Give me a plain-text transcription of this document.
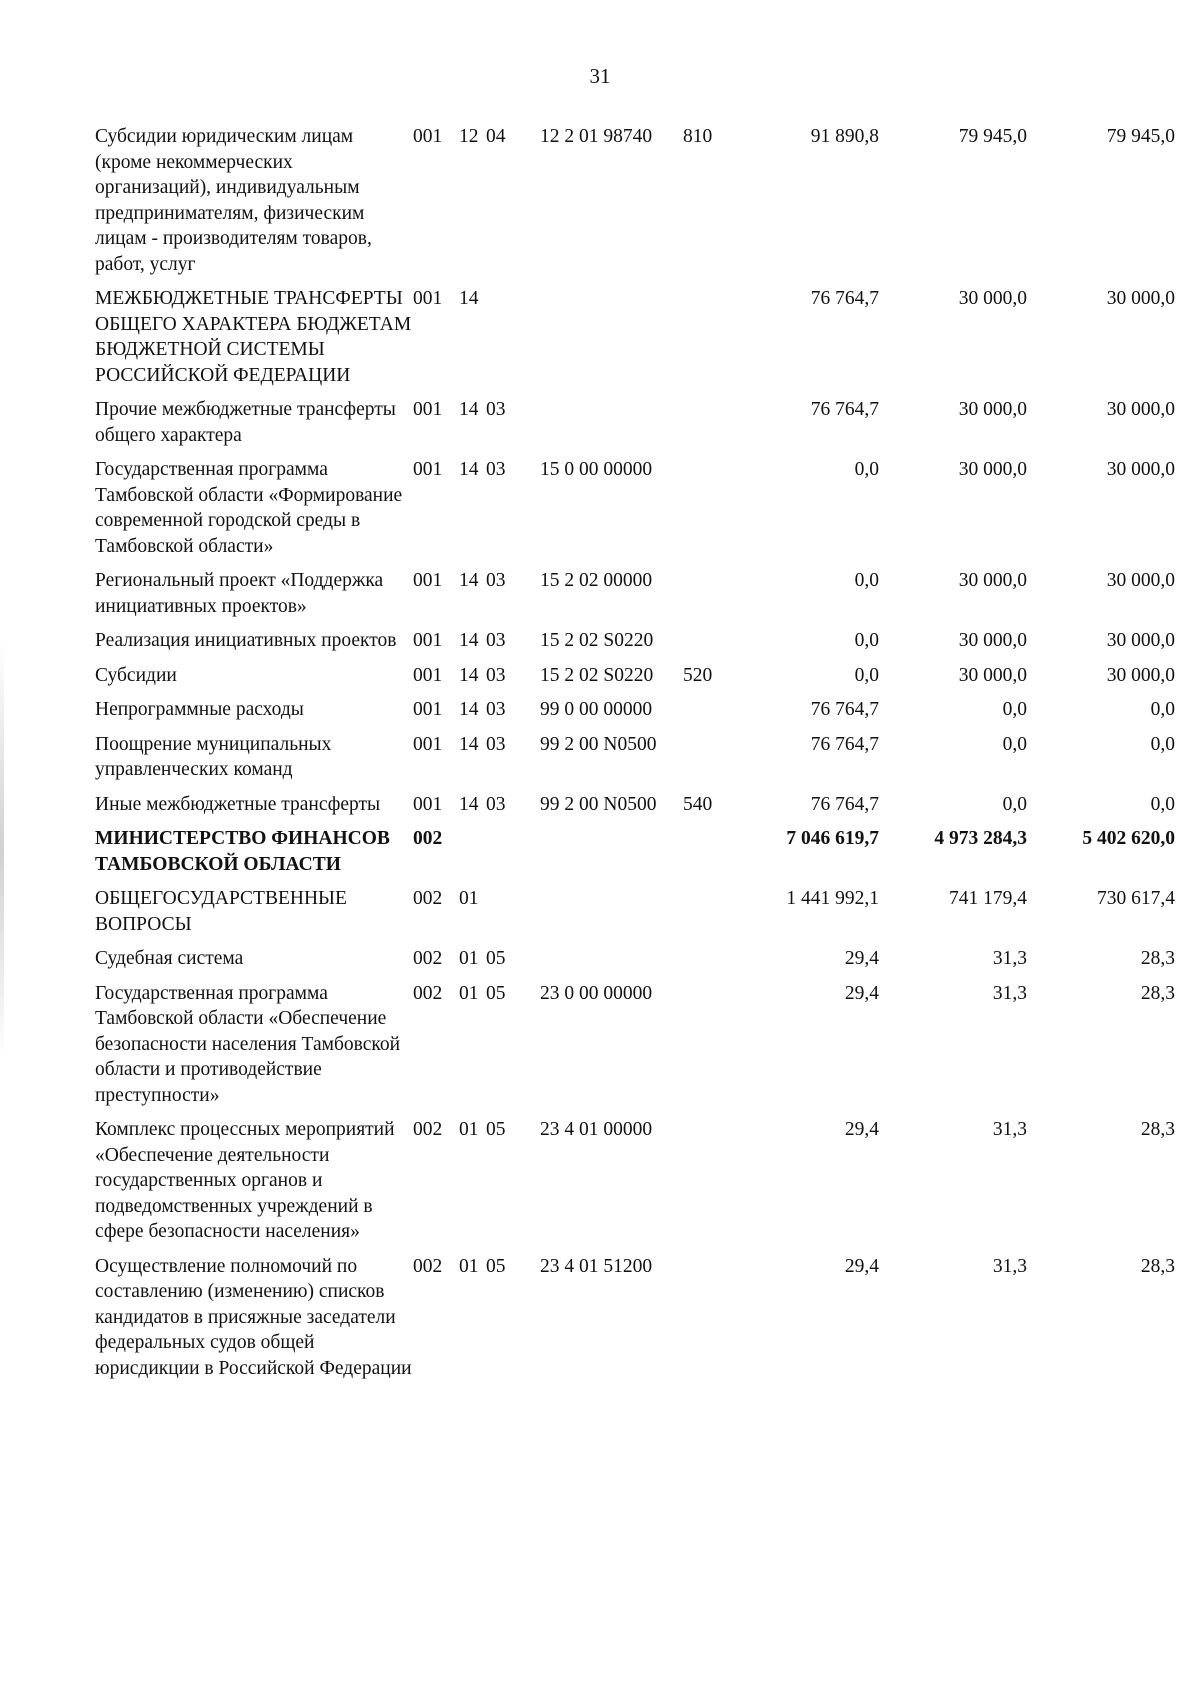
31
Субсидии юридическим лицам (кроме некоммерческих организаций), индивидуальным предпринимателям, физическим лицам - производителям товаров, работ, услуг	001	12	04	12 2 01 98740	810	91 890,8	79 945,0	79 945,0
МЕЖБЮДЖЕТНЫЕ ТРАНСФЕРТЫ ОБЩЕГО ХАРАКТЕРА БЮДЖЕТАМ БЮДЖЕТНОЙ СИСТЕМЫ РОССИЙСКОЙ ФЕДЕРАЦИИ	001	14				76 764,7	30 000,0	30 000,0
Прочие межбюджетные трансферты общего характера	001	14	03			76 764,7	30 000,0	30 000,0
Государственная программа Тамбовской области «Формирование современной городской среды в Тамбовской области»	001	14	03	15 0 00 00000		0,0	30 000,0	30 000,0
Региональный проект «Поддержка инициативных проектов»	001	14	03	15 2 02 00000		0,0	30 000,0	30 000,0
Реализация инициативных проектов	001	14	03	15 2 02 S0220		0,0	30 000,0	30 000,0
Субсидии	001	14	03	15 2 02 S0220	520	0,0	30 000,0	30 000,0
Непрограммные расходы	001	14	03	99 0 00 00000		76 764,7	0,0	0,0
Поощрение муниципальных управленческих команд	001	14	03	99 2 00 N0500		76 764,7	0,0	0,0
Иные межбюджетные трансферты	001	14	03	99 2 00 N0500	540	76 764,7	0,0	0,0
МИНИСТЕРСТВО ФИНАНСОВ ТАМБОВСКОЙ ОБЛАСТИ	002					7 046 619,7	4 973 284,3	5 402 620,0
ОБЩЕГОСУДАРСТВЕННЫЕ ВОПРОСЫ	002	01				1 441 992,1	741 179,4	730 617,4
Судебная система	002	01	05			29,4	31,3	28,3
Государственная программа Тамбовской области «Обеспечение безопасности населения Тамбовской области и противодействие преступности»	002	01	05	23 0 00 00000		29,4	31,3	28,3
Комплекс процессных мероприятий «Обеспечение деятельности государственных органов и подведомственных учреждений в сфере безопасности населения»	002	01	05	23 4 01 00000		29,4	31,3	28,3
Осуществление полномочий по составлению (изменению) списков кандидатов в присяжные заседатели федеральных судов общей юрисдикции в Российской Федерации	002	01	05	23 4 01 51200		29,4	31,3	28,3
